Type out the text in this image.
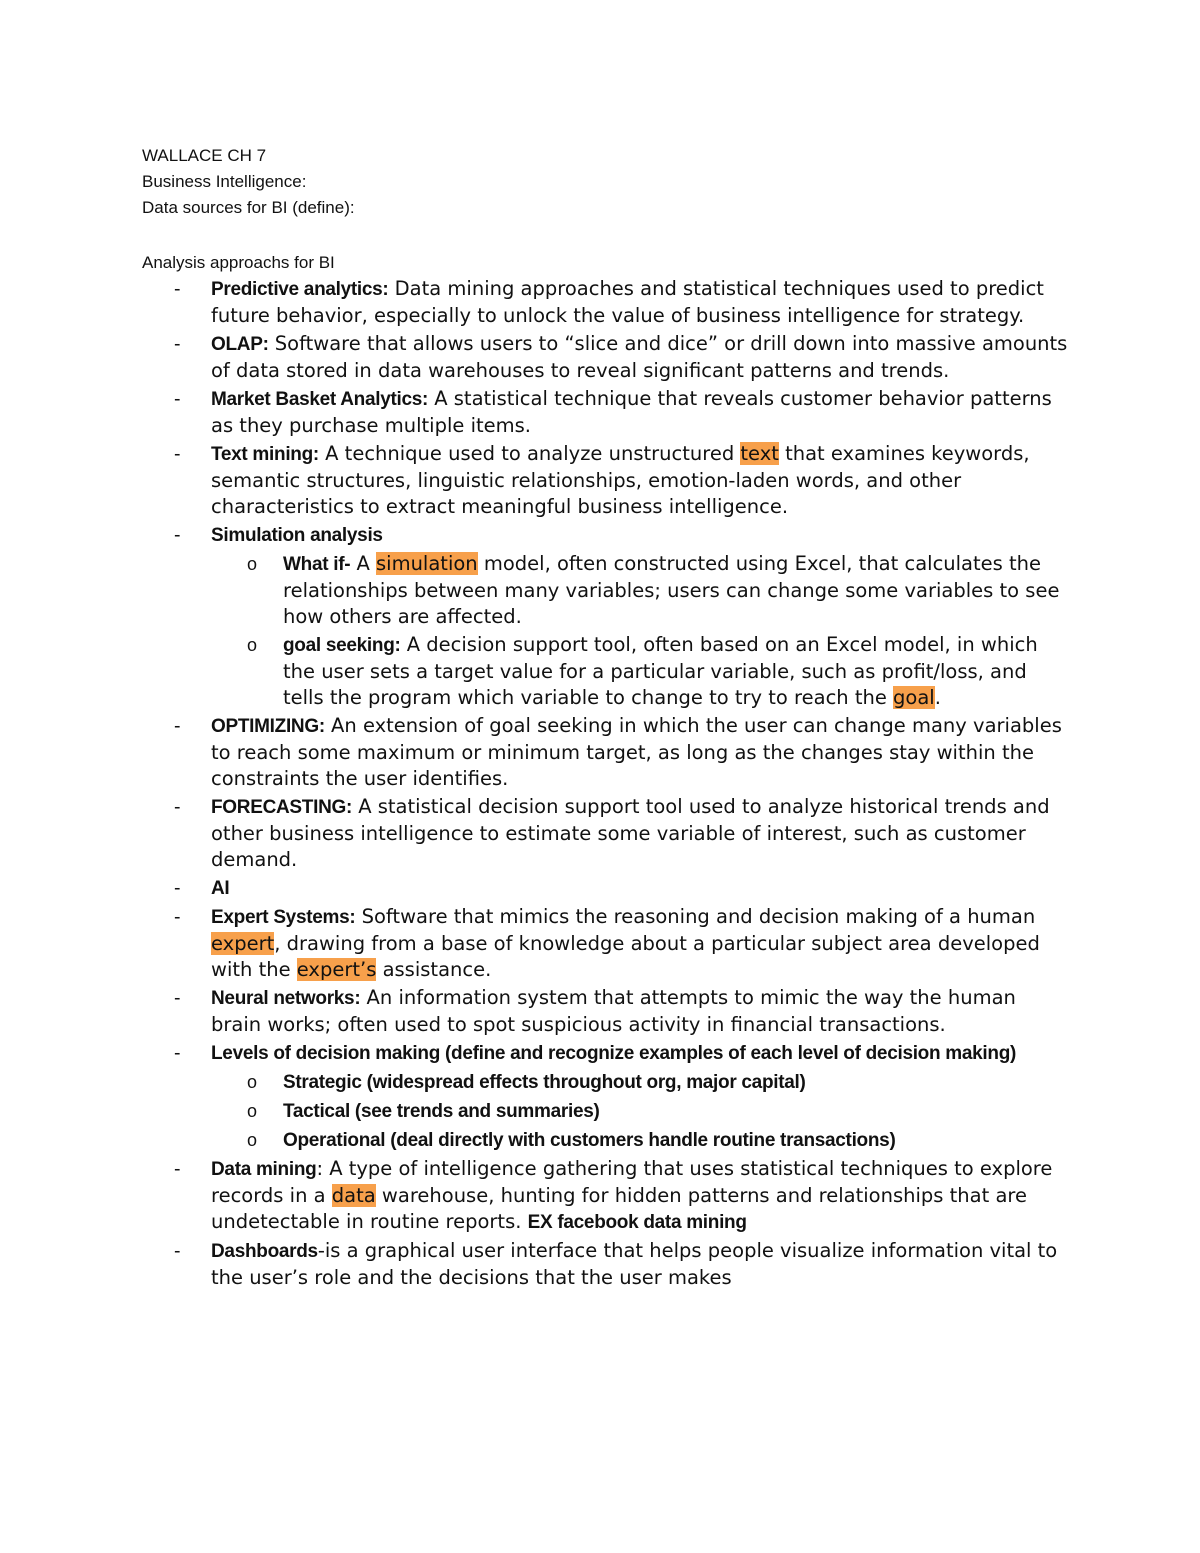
WALLACE CH 7
Business Intelligence:
Data sources for BI (define):
Analysis approachs for BI
- Predictive analytics: Data mining approaches and statistical techniques used to predict future behavior, especially to unlock the value of business intelligence for strategy.
- OLAP: Software that allows users to “slice and dice” or drill down into massive amounts of data stored in data warehouses to reveal significant patterns and trends.
- Market Basket Analytics: A statistical technique that reveals customer behavior patterns as they purchase multiple items.
- Text mining: A technique used to analyze unstructured text that examines keywords, semantic structures, linguistic relationships, emotion-laden words, and other characteristics to extract meaningful business intelligence.
- Simulation analysis
o What if- A simulation model, often constructed using Excel, that calculates the relationships between many variables; users can change some variables to see how others are affected.
o goal seeking: A decision support tool, often based on an Excel model, in which the user sets a target value for a particular variable, such as profit/loss, and tells the program which variable to change to try to reach the goal.
- OPTIMIZING: An extension of goal seeking in which the user can change many variables to reach some maximum or minimum target, as long as the changes stay within the constraints the user identifies.
- FORECASTING: A statistical decision support tool used to analyze historical trends and other business intelligence to estimate some variable of interest, such as customer demand.
- AI
- Expert Systems: Software that mimics the reasoning and decision making of a human expert, drawing from a base of knowledge about a particular subject area developed with the expert’s assistance.
- Neural networks: An information system that attempts to mimic the way the human brain works; often used to spot suspicious activity in financial transactions.
- Levels of decision making (define and recognize examples of each level of decision making)
o Strategic (widespread effects throughout org, major capital)
o Tactical (see trends and summaries)
o Operational (deal directly with customers handle routine transactions)
- Data mining: A type of intelligence gathering that uses statistical techniques to explore records in a data warehouse, hunting for hidden patterns and relationships that are undetectable in routine reports. EX facebook data mining
- Dashboards-is a graphical user interface that helps people visualize information vital to the user’s role and the decisions that the user makes
